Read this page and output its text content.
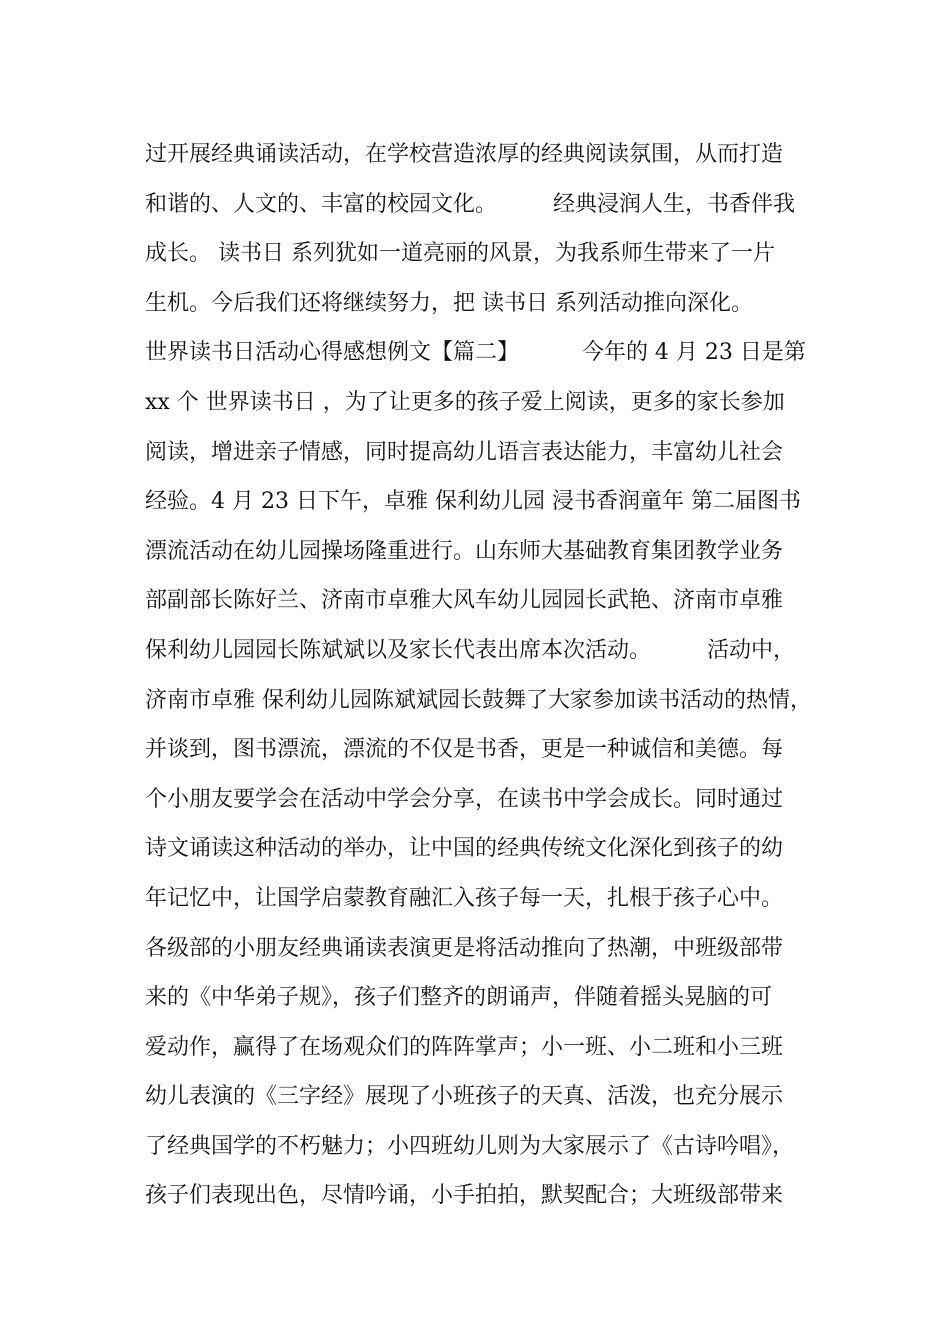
过开展经典诵读活动，在学校营造浓厚的经典阅读氛围，从而打造
和谐的、人文的、丰富的校园文化。        经典浸润人生，书香伴我
成长。 读书日 系列犹如一道亮丽的风景，为我系师生带来了一片
生机。今后我们还将继续努力，把 读书日 系列活动推向深化。
世界读书日活动心得感想例文【篇二】         今年的 4 月 23 日是第
xx 个 世界读书日 ，为了让更多的孩子爱上阅读，更多的家长参加
阅读，增进亲子情感，同时提高幼儿语言表达能力，丰富幼儿社会
经验。4 月 23 日下午，卓雅 保利幼儿园 浸书香润童年 第二届图书
漂流活动在幼儿园操场隆重进行。山东师大基础教育集团教学业务
部副部长陈好兰、济南市卓雅大风车幼儿园园长武艳、济南市卓雅
保利幼儿园园长陈斌斌以及家长代表出席本次活动。        活动中，
济南市卓雅 保利幼儿园陈斌斌园长鼓舞了大家参加读书活动的热情，
并谈到，图书漂流，漂流的不仅是书香，更是一种诚信和美德。每
个小朋友要学会在活动中学会分享，在读书中学会成长。同时通过
诗文诵读这种活动的举办，让中国的经典传统文化深化到孩子的幼
年记忆中，让国学启蒙教育融汇入孩子每一天，扎根于孩子心中。
各级部的小朋友经典诵读表演更是将活动推向了热潮，中班级部带
来的《中华弟子规》，孩子们整齐的朗诵声，伴随着摇头晃脑的可
爱动作，赢得了在场观众们的阵阵掌声；小一班、小二班和小三班
幼儿表演的《三字经》展现了小班孩子的天真、活泼，也充分展示
了经典国学的不朽魅力；小四班幼儿则为大家展示了《古诗吟唱》，
孩子们表现出色，尽情吟诵，小手拍拍，默契配合；大班级部带来
